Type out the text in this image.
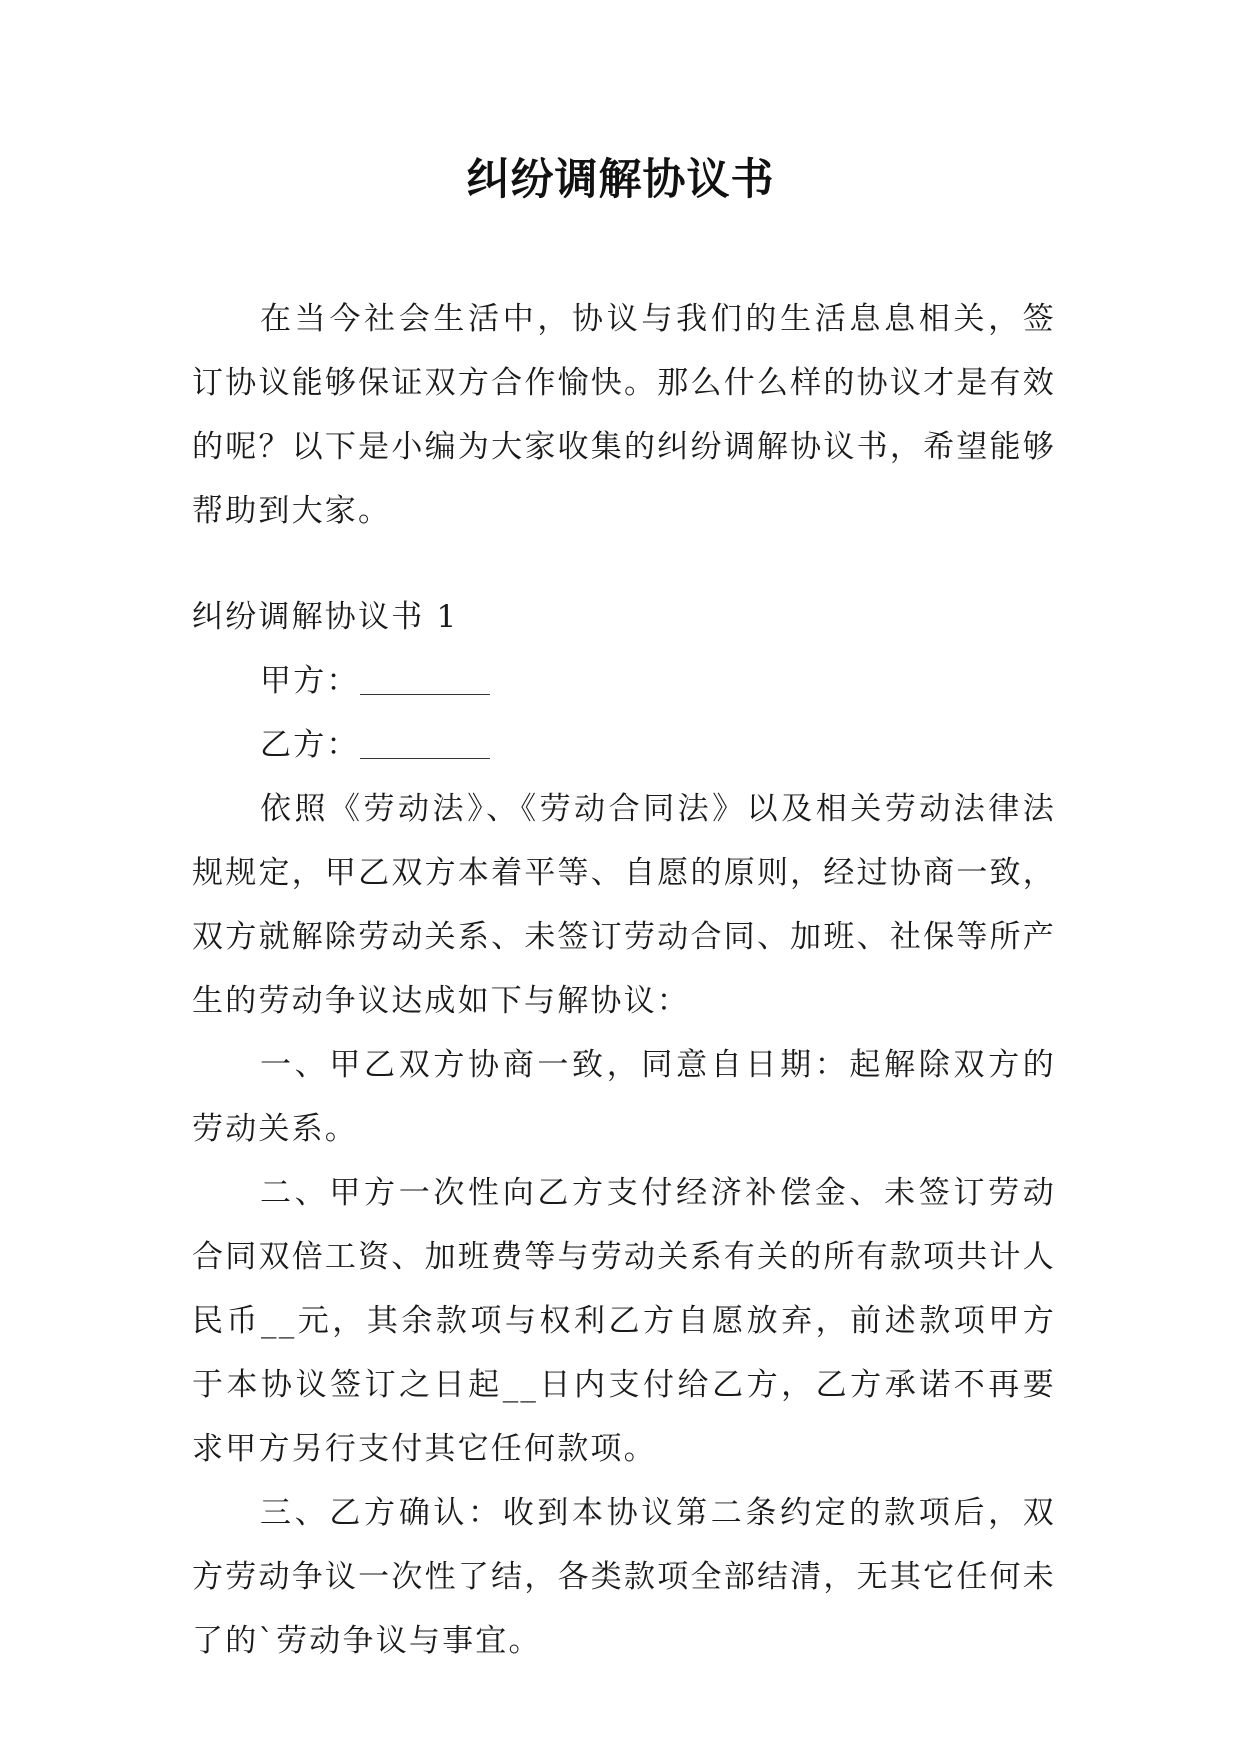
纠纷调解协议书

在当今社会生活中，协议与我们的生活息息相关，签订协议能够保证双方合作愉快。那么什么样的协议才是有效的呢？以下是小编为大家收集的纠纷调解协议书，希望能够帮助到大家。

纠纷调解协议书 1

甲方：

乙方：

依照《劳动法》、《劳动合同法》以及相关劳动法律法规规定，甲乙双方本着平等、自愿的原则，经过协商一致，双方就解除劳动关系、未签订劳动合同、加班、社保等所产生的劳动争议达成如下与解协议：

一、甲乙双方协商一致，同意自日期：起解除双方的劳动关系。

二、甲方一次性向乙方支付经济补偿金、未签订劳动合同双倍工资、加班费等与劳动关系有关的所有款项共计人民币__元，其余款项与权利乙方自愿放弃，前述款项甲方于本协议签订之日起__日内支付给乙方，乙方承诺不再要求甲方另行支付其它任何款项。

三、乙方确认：收到本协议第二条约定的款项后，双方劳动争议一次性了结，各类款项全部结清，无其它任何未了的`劳动争议与事宜。
